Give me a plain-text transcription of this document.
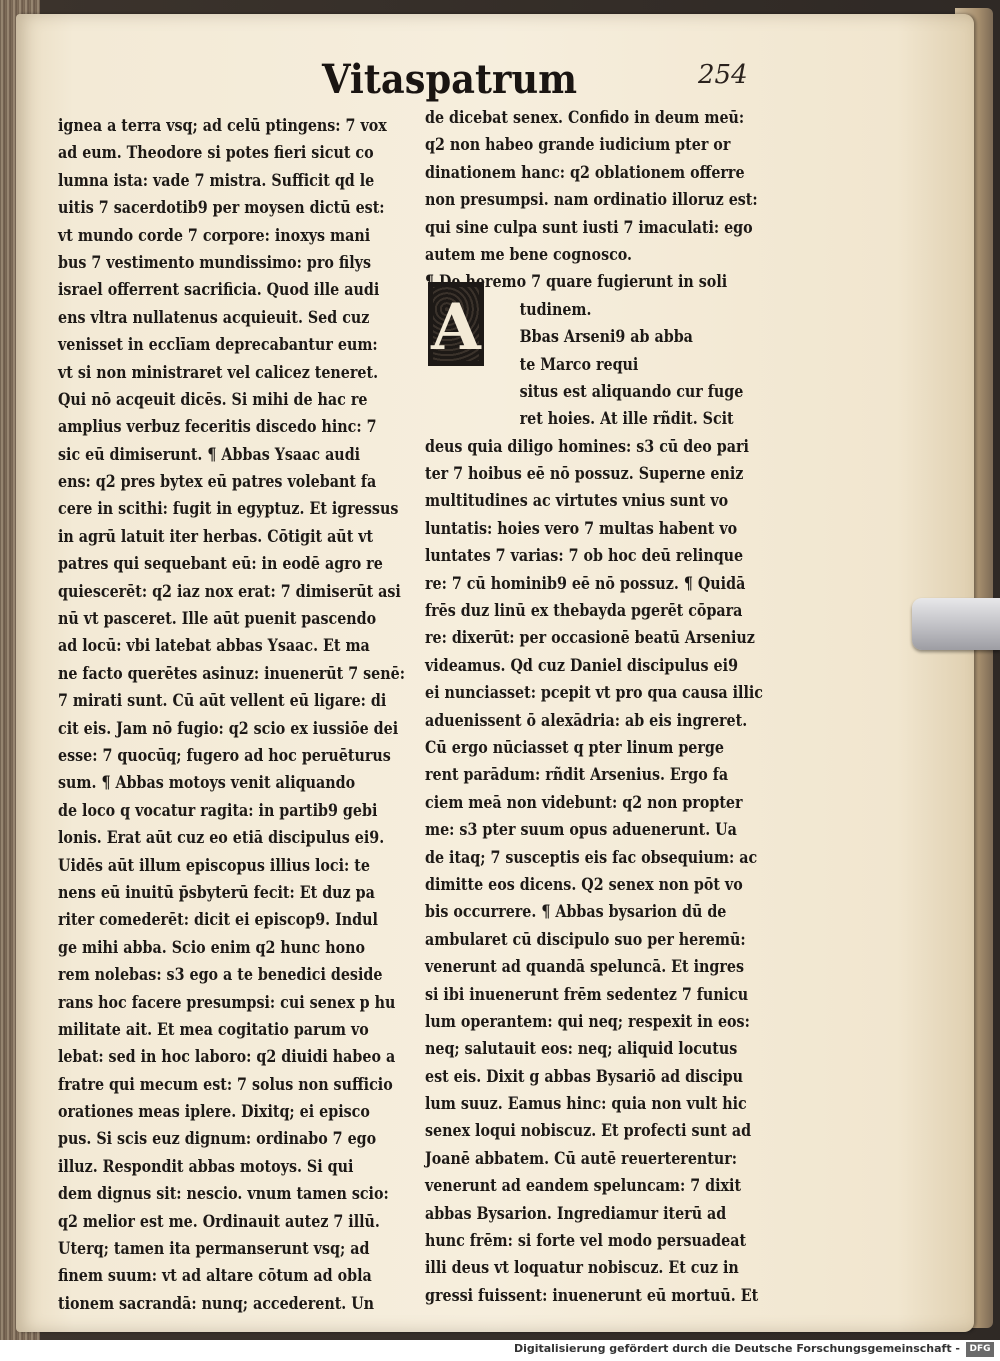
Vitaspatrum	254
ignea a terra vsq; ad celū ptingens: 7 vox
ad eum. Theodore si potes fieri sicut co
lumna ista: vade 7 mistra. Sufficit qd le
uitis 7 sacerdotib9 per moysen dictū est:
vt mundo corde 7 corpore: inoxys mani
bus 7 vestimento mundissimo: pro filys
israel offerrent sacrificia. Quod ille audi
ens vltra nullatenus acquieuit. Sed cuz
venisset in ecclīam deprecabantur eum:
vt si non ministraret vel calicez teneret.
Qui nō acqeuit dicēs. Si mihi de hac re
amplius verbuz feceritis discedo hinc: 7
sic eū dimiserunt. ¶ Abbas Ysaac audi
ens: q2 pres bytex eū patres volebant fa
cere in scithi: fugit in egyptuz. Et igressus
in agrū latuit iter herbas. Cōtigit aūt vt
patres qui sequebant eū: in eodē agro re
quiescerēt: q2 iaz nox erat: 7 dimiserūt asi
nū vt pasceret. Ille aūt puenit pascendo
ad locū: vbi latebat abbas Ysaac. Et ma
ne facto querētes asinuz: inuenerūt 7 senē:
7 mirati sunt. Cū aūt vellent eū ligare: di
cit eis. Jam nō fugio: q2 scio ex iussiōe dei
esse: 7 quocūq; fugero ad hoc peruēturus
sum. ¶ Abbas motoys venit aliquando
de loco q vocatur ragita: in partib9 gebi
lonis. Erat aūt cuz eo etiā discipulus ei9.
Uidēs aūt illum episcopus illius loci: te
nens eū inuitū p̄sbyterū fecit: Et duz pa
riter comederēt: dicit ei episcop9. Indul
ge mihi abba. Scio enim q2 hunc hono
rem nolebas: s3 ego a te benedici deside
rans hoc facere presumpsi: cui senex p hu
militate ait. Et mea cogitatio parum vo
lebat: sed in hoc laboro: q2 diuidi habeo a
fratre qui mecum est: 7 solus non sufficio
orationes meas iplere. Dixitq; ei episco
pus. Si scis euz dignum: ordinabo 7 ego
illuz. Respondit abbas motoys. Si qui
dem dignus sit: nescio. vnum tamen scio:
q2 melior est me. Ordinauit autez 7 illū.
Uterq; tamen ita permanserunt vsq; ad
finem suum: vt ad altare cōtum ad obla
tionem sacrandā: nunq; accederent. Un
A
de dicebat senex. Confido in deum meū:
q2 non habeo grande iudicium pter or
dinationem hanc: q2 oblationem offerre
non presumpsi. nam ordinatio illoruz est:
qui sine culpa sunt iusti 7 imaculati: ego
autem me bene cognosco.
¶ De heremo 7 quare fugierunt in soli
tudinem.
Bbas Arseni9 ab abba
te Marco requi
situs est aliquando cur fuge
ret hoies. At ille rñdit. Scit
deus quia diligo homines: s3 cū deo pari
ter 7 hoibus eē nō possuz. Superne eniz
multitudines ac virtutes vnius sunt vo
luntatis: hoies vero 7 multas habent vo
luntates 7 varias: 7 ob hoc deū relinque
re: 7 cū hominib9 eē nō possuz. ¶ Quidā
frēs duz linū ex thebayda pgerēt cōpara
re: dixerūt: per occasionē beatū Arseniuz
videamus. Qd cuz Daniel discipulus ei9
ei nunciasset: pcepit vt pro qua causa illic
aduenissent ō alexādria: ab eis ingreret.
Cū ergo nūciasset q pter linum perge
rent parādum: rñdit Arsenius. Ergo fa
ciem meā non videbunt: q2 non propter
me: s3 pter suum opus aduenerunt. Ua
de itaq; 7 susceptis eis fac obsequium: ac
dimitte eos dicens. Q2 senex non pōt vo
bis occurrere. ¶ Abbas bysarion dū de
ambularet cū discipulo suo per heremū:
venerunt ad quandā speluncā. Et ingres
si ibi inuenerunt frēm sedentez 7 funicu
lum operantem: qui neq; respexit in eos:
neq; salutauit eos: neq; aliquid locutus
est eis. Dixit g abbas Bysariō ad discipu
lum suuz. Eamus hinc: quia non vult hic
senex loqui nobiscuz. Et profecti sunt ad
Joanē abbatem. Cū autē reuerterentur:
venerunt ad eandem speluncam: 7 dixit
abbas Bysarion. Ingrediamur iterū ad
hunc frēm: si forte vel modo persuadeat
illi deus vt loquatur nobiscuz. Et cuz in
gressi fuissent: inuenerunt eū mortuū. Et
Digitalisierung gefördert durch die Deutsche Forschungsgemeinschaft -	DFG
